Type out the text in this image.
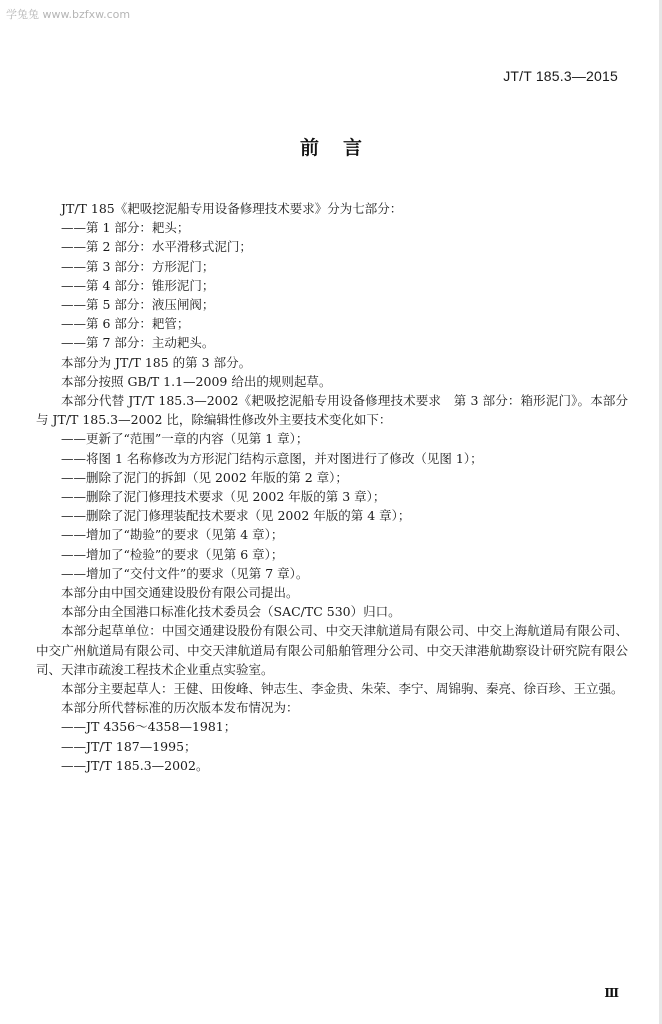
学兔兔 www.bzfxw.com
JT/T 185.3—2015
前言

JT/T 185《耙吸挖泥船专用设备修理技术要求》分为七部分：

——第 1 部分：耙头；

——第 2 部分：水平滑移式泥门；

——第 3 部分：方形泥门；

——第 4 部分：锥形泥门；

——第 5 部分：液压闸阀；

——第 6 部分：耙管；

——第 7 部分：主动耙头。

本部分为 JT/T 185 的第 3 部分。

本部分按照 GB/T 1.1—2009 给出的规则起草。

本部分代替 JT/T 185.3—2002《耙吸挖泥船专用设备修理技术要求　第 3 部分：箱形泥门》。本部分与 JT/T 185.3—2002 比，除编辑性修改外主要技术变化如下：

——更新了“范围”一章的内容（见第 1 章）；

——将图 1 名称修改为方形泥门结构示意图，并对图进行了修改（见图 1）；

——删除了泥门的拆卸（见 2002 年版的第 2 章）；

——删除了泥门修理技术要求（见 2002 年版的第 3 章）；

——删除了泥门修理装配技术要求（见 2002 年版的第 4 章）；

——增加了“勘验”的要求（见第 4 章）；

——增加了“检验”的要求（见第 6 章）；

——增加了“交付文件”的要求（见第 7 章）。

本部分由中国交通建设股份有限公司提出。

本部分由全国港口标准化技术委员会（SAC/TC 530）归口。

本部分起草单位：中国交通建设股份有限公司、中交天津航道局有限公司、中交上海航道局有限公司、中交广州航道局有限公司、中交天津航道局有限公司船舶管理分公司、中交天津港航勘察设计研究院有限公司、天津市疏浚工程技术企业重点实验室。

本部分主要起草人：王健、田俊峰、钟志生、李金贵、朱荣、李宁、周锦驹、秦亮、徐百珍、王立强。

本部分所代替标准的历次版本发布情况为：

——JT 4356～4358—1981；

——JT/T 187—1995；

——JT/T 185.3—2002。

Ⅲ
